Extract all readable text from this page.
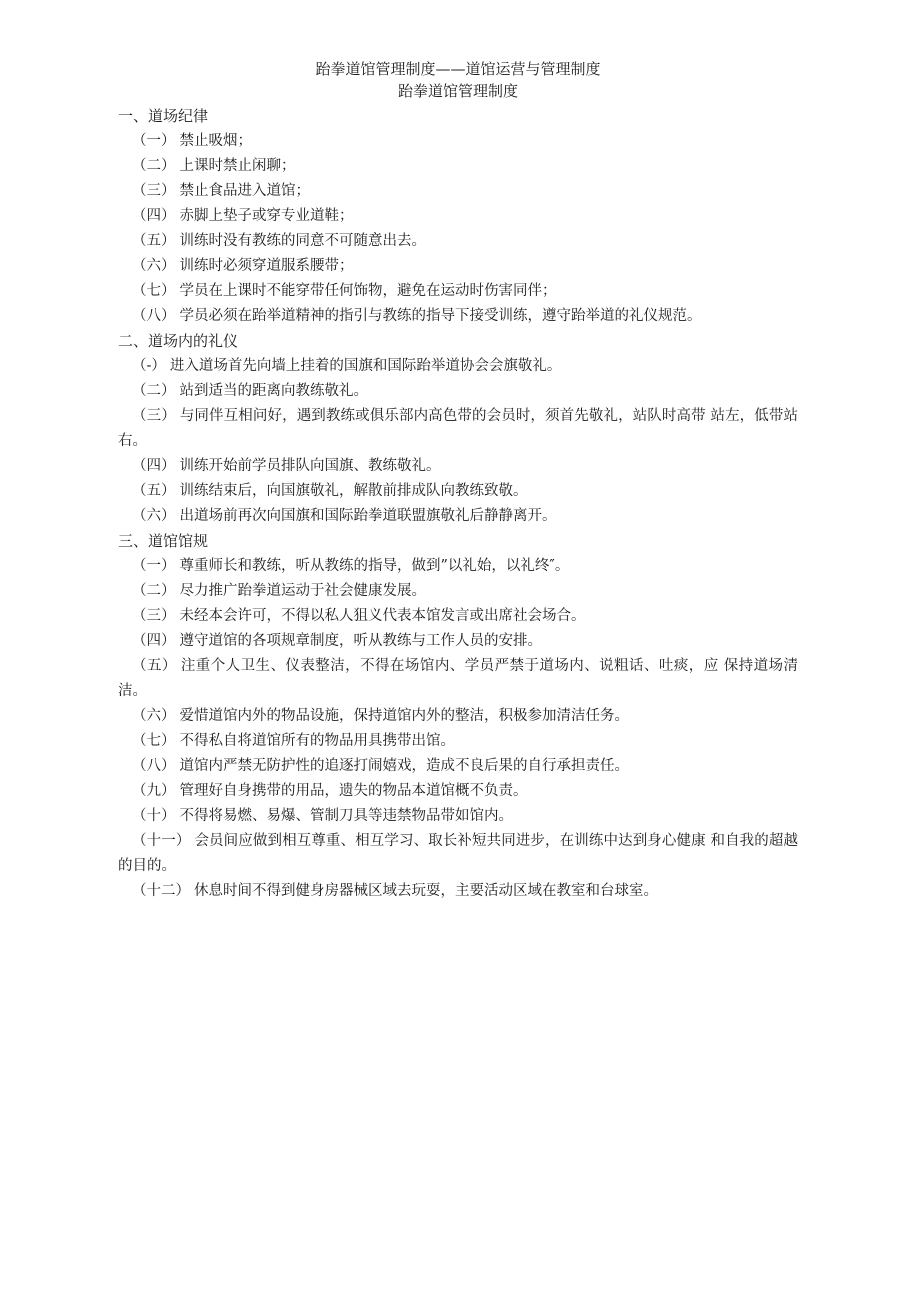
跆拳道馆管理制度——道馆运营与管理制度
跆拳道馆管理制度

一、道场纪律

（一） 禁止吸烟；

（二） 上课时禁止闲聊；

（三） 禁止食品进入道馆；

（四） 赤脚上垫子或穿专业道鞋；

（五） 训练时没有教练的同意不可随意出去。

（六） 训练时必须穿道服系腰带；

（七） 学员在上课时不能穿带任何饰物，避免在运动时伤害同伴；

（八） 学员必须在跆举道精神的指引与教练的指导下接受训练，遵守跆举道的礼仪规范。

二、道场内的礼仪

（-） 进入道场首先向墙上挂着的国旗和国际跆举道协会会旗敬礼。

（二） 站到适当的距离向教练敬礼。

（三） 与同伴互相问好，遇到教练或俱乐部内高色带的会员时，须首先敬礼，站队时高带 站左，低带站右。

（四） 训练开始前学员排队向国旗、教练敬礼。

（五） 训练结束后，向国旗敬礼，解散前排成队向教练致敬。

（六） 出道场前再次向国旗和国际跆拳道联盟旗敬礼后静静离开。

三、道馆馆规

（一） 尊重师长和教练，听从教练的指导，做到”以礼始，以礼终″。

（二） 尽力推广跆拳道运动于社会健康发展。

（三） 未经本会许可，不得以私人狙义代表本馆发言或出席社会场合。

（四） 遵守道馆的各项规章制度，听从教练与工作人员的安排。

（五） 注重个人卫生、仪表整洁，不得在场馆内、学员严禁于道场内、说粗话、吐痰，应 保持道场清洁。

（六） 爱惜道馆内外的物品设施，保持道馆内外的整洁，积极参加清洁任务。

（七） 不得私自将道馆所有的物品用具携带出馆。

（八） 道馆内严禁无防护性的追逐打闹嬉戏，造成不良后果的自行承担责任。

（九） 管理好自身携带的用品，遗失的物品本道馆概不负责。

（十） 不得将易燃、易爆、管制刀具等违禁物品带如馆内。

（十一） 会员间应做到相互尊重、相互学习、取长补短共同进步，在训练中达到身心健康 和自我的超越的目的。

（十二） 休息时间不得到健身房器械区域去玩耍，主要活动区域在教室和台球室。
